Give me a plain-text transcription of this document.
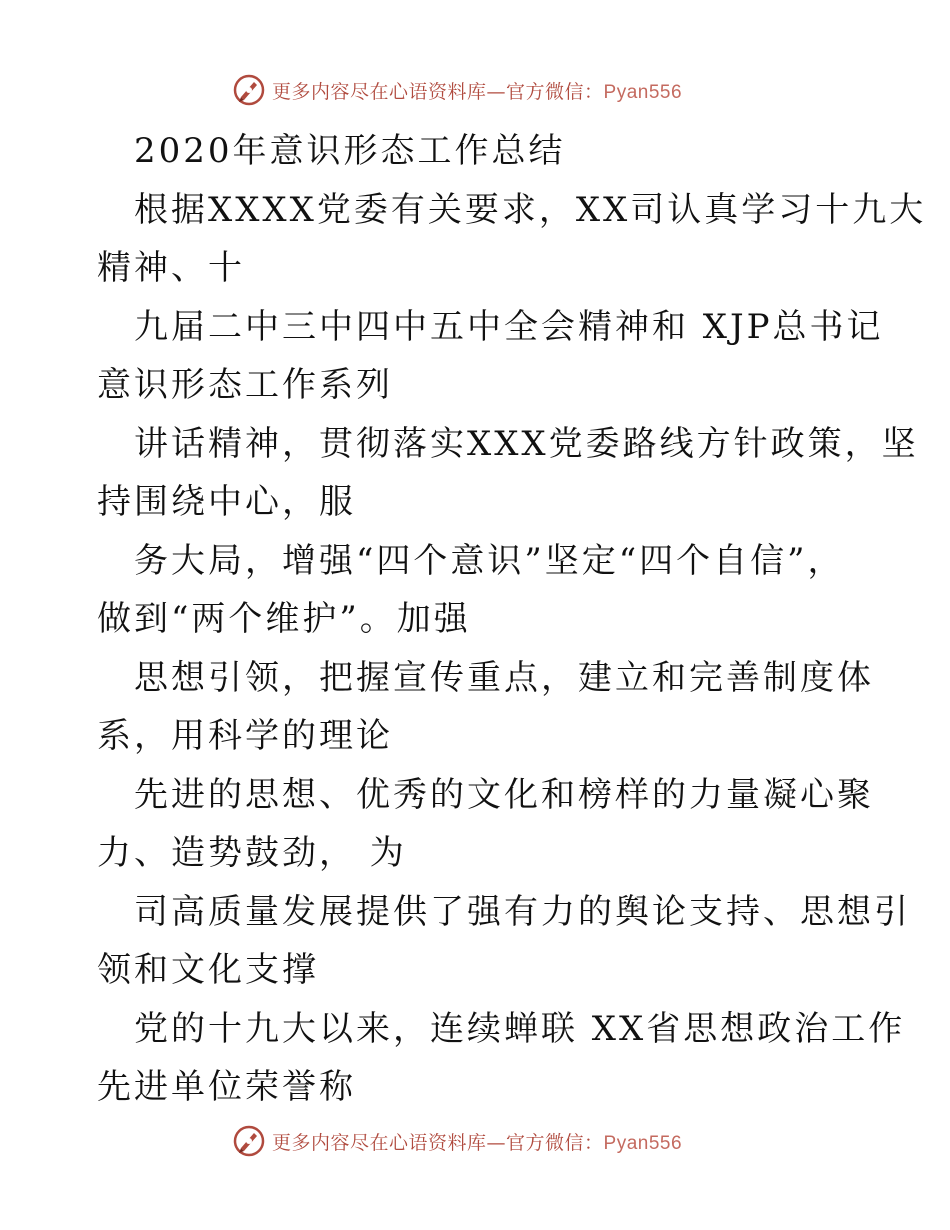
更多内容尽在心语资料库—官方微信：Pyan556
2020年意识形态工作总结
根据XXXX党委有关要求，XX司认真学习十九大
精神、十
九届二中三中四中五中全会精神和 XJP总书记
意识形态工作系列
讲话精神，贯彻落实XXX党委路线方针政策，坚
持围绕中心，服
务大局，增强“四个意识”坚定“四个自信”，
做到“两个维护”。加强
思想引领，把握宣传重点，建立和完善制度体
系，用科学的理论
先进的思想、优秀的文化和榜样的力量凝心聚
力、造势鼓劲， 为
司高质量发展提供了强有力的舆论支持、思想引
领和文化支撑
党的十九大以来，连续蝉联 XX省思想政治工作
先进单位荣誉称
更多内容尽在心语资料库—官方微信：Pyan556
